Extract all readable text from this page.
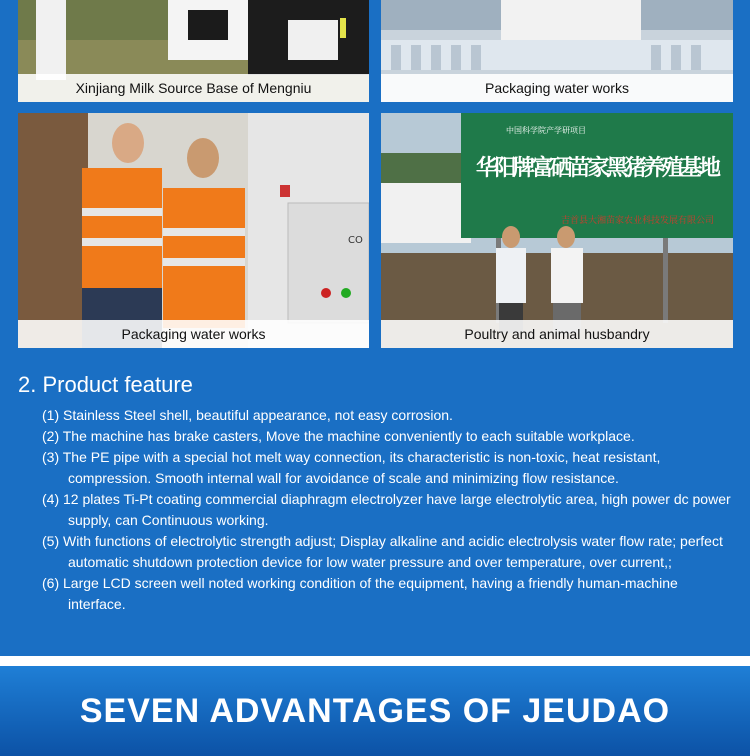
Xinjiang Milk Source Base of Mengniu	Packaging water works
CO
Packaging water works
中国科学院产学研项目
华阳牌富硒苗家黑猪养殖基地
吉首县大湘苗家农业科技发展有限公司
Poultry and animal husbandry
2. Product feature
(1) Stainless Steel shell, beautiful appearance, not easy corrosion.
(2) The machine has brake casters, Move the machine conveniently to each suitable workplace.
(3) The PE pipe with a special hot melt way connection, its characteristic is non-toxic, heat resistant, compression. Smooth internal wall for avoidance of scale and minimizing flow resistance.
(4) 12 plates Ti-Pt coating commercial diaphragm electrolyzer have large electrolytic area, high power dc power supply, can Continuous working.
(5) With functions of electrolytic strength adjust; Display alkaline and acidic electrolysis water flow rate; perfect automatic shutdown protection device for low water pressure and over temperature, over current,;
(6) Large LCD screen well noted working condition of the equipment, having a friendly human-machine interface.
SEVEN ADVANTAGES OF JEUDAO
